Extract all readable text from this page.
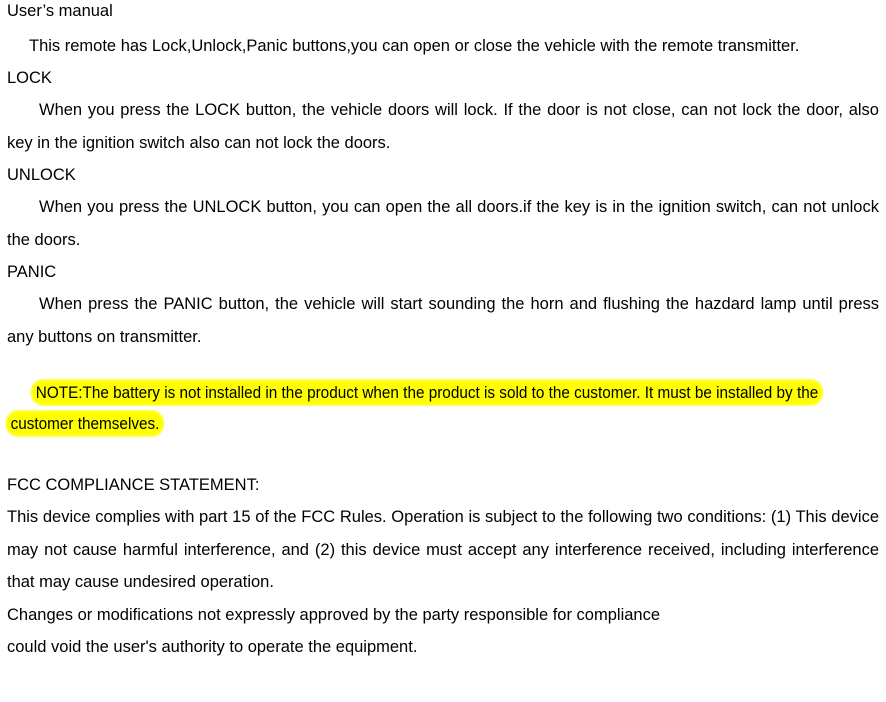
User’s manual
This remote has Lock,Unlock,Panic buttons,you can open or close the vehicle with the remote transmitter.
LOCK
When you press the LOCK button, the vehicle doors will lock. If the door is not close, can not lock the door, also key in the ignition switch also can not lock the doors.
UNLOCK
When you press the UNLOCK button, you can open the all doors.if the key is in the ignition switch, can not unlock the doors.
PANIC
When press the PANIC button, the vehicle will start sounding the horn and flushing the hazdard lamp until press any buttons on transmitter.
NOTE:The battery is not installed in the product when the product is sold to the customer. It must be installed by the customer themselves.
FCC COMPLIANCE STATEMENT:
This device complies with part 15 of the FCC Rules. Operation is subject to the following two conditions: (1) This device may not cause harmful interference, and (2) this device must accept any interference received, including interference that may cause undesired operation.
Changes or modifications not expressly approved by the party responsible for compliance
could void the user's authority to operate the equipment.
